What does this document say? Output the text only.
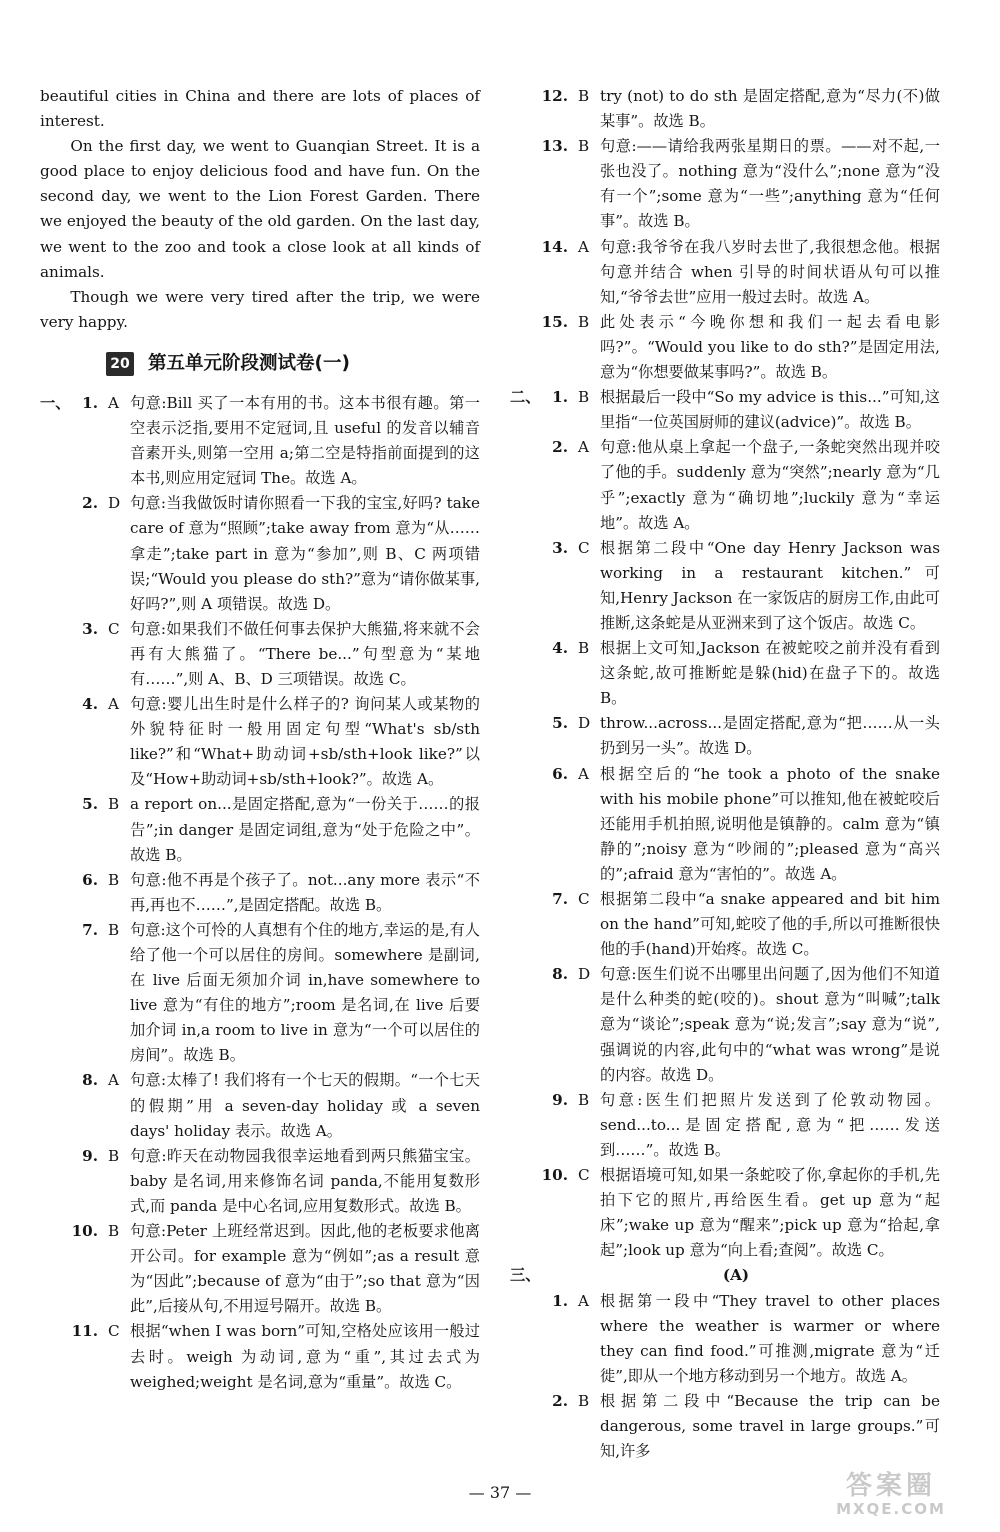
beautiful cities in China and there are lots of places of interest.

On the first day, we went to Guanqian Street. It is a good place to enjoy delicious food and have fun. On the second day, we went to the Lion Forest Garden. There we enjoyed the beauty of the old garden. On the last day, we went to the zoo and took a close look at all kinds of animals.

Though we were very tired after the trip, we were very happy.

20 第五单元阶段测试卷(一)
一、 1. A 句意:Bill 买了一本有用的书。这本书很有趣。第一空表示泛指,要用不定冠词,且 useful 的发音以辅音音素开头,则第一空用 a;第二空是特指前面提到的这本书,则应用定冠词 The。故选 A。
2. D 句意:当我做饭时请你照看一下我的宝宝,好吗? take care of 意为“照顾”;take away from 意为“从……拿走”;take part in 意为“参加”,则 B、C 两项错误;“Would you please do sth?”意为“请你做某事,好吗?”,则 A 项错误。故选 D。
3. C 句意:如果我们不做任何事去保护大熊猫,将来就不会再有大熊猫了。“There be...”句型意为“某地有……”,则 A、B、D 三项错误。故选 C。
4. A 句意:婴儿出生时是什么样子的? 询问某人或某物的外貌特征时一般用固定句型“What's sb/sth like?”和“What+助动词+sb/sth+look like?”以及“How+助动词+sb/sth+look?”。故选 A。
5. B a report on...是固定搭配,意为“一份关于……的报告”;in danger 是固定词组,意为“处于危险之中”。故选 B。
6. B 句意:他不再是个孩子了。not...any more 表示“不再,再也不……”,是固定搭配。故选 B。
7. B 句意:这个可怜的人真想有个住的地方,幸运的是,有人给了他一个可以居住的房间。somewhere 是副词,在 live 后面无须加介词 in,have somewhere to live 意为“有住的地方”;room 是名词,在 live 后要加介词 in,a room to live in 意为“一个可以居住的房间”。故选 B。
8. A 句意:太棒了! 我们将有一个七天的假期。“一个七天的假期”用 a seven-day holiday 或 a seven days' holiday 表示。故选 A。
9. B 句意:昨天在动物园我很幸运地看到两只熊猫宝宝。baby 是名词,用来修饰名词 panda,不能用复数形式,而 panda 是中心名词,应用复数形式。故选 B。
10. B 句意:Peter 上班经常迟到。因此,他的老板要求他离开公司。for example 意为“例如”;as a result 意为“因此”;because of 意为“由于”;so that 意为“因此”,后接从句,不用逗号隔开。故选 B。
11. C 根据“when I was born”可知,空格处应该用一般过去时。weigh 为动词,意为“重”,其过去式为 weighed;weight 是名词,意为“重量”。故选 C。
12. B try (not) to do sth 是固定搭配,意为“尽力(不)做某事”。故选 B。
13. B 句意:——请给我两张星期日的票。——对不起,一张也没了。nothing 意为“没什么”;none 意为“没有一个”;some 意为“一些”;anything 意为“任何事”。故选 B。
14. A 句意:我爷爷在我八岁时去世了,我很想念他。根据句意并结合 when 引导的时间状语从句可以推知,“爷爷去世”应用一般过去时。故选 A。
15. B 此处表示“今晚你想和我们一起去看电影吗?”。“Would you like to do sth?”是固定用法,意为“你想要做某事吗?”。故选 B。
二、 1. B 根据最后一段中“So my advice is this...”可知,这里指“一位英国厨师的建议(advice)”。故选 B。
2. A 句意:他从桌上拿起一个盘子,一条蛇突然出现并咬了他的手。suddenly 意为“突然”;nearly 意为“几乎”;exactly 意为“确切地”;luckily 意为“幸运地”。故选 A。
3. C 根据第二段中“One day Henry Jackson was working in a restaurant kitchen.”可知,Henry Jackson 在一家饭店的厨房工作,由此可推断,这条蛇是从亚洲来到了这个饭店。故选 C。
4. B 根据上文可知,Jackson 在被蛇咬之前并没有看到这条蛇,故可推断蛇是躲(hid)在盘子下的。故选 B。
5. D throw...across...是固定搭配,意为“把……从一头扔到另一头”。故选 D。
6. A 根据空后的“he took a photo of the snake with his mobile phone”可以推知,他在被蛇咬后还能用手机拍照,说明他是镇静的。calm 意为“镇静的”;noisy 意为“吵闹的”;pleased 意为“高兴的”;afraid 意为“害怕的”。故选 A。
7. C 根据第二段中“a snake appeared and bit him on the hand”可知,蛇咬了他的手,所以可推断很快他的手(hand)开始疼。故选 C。
8. D 句意:医生们说不出哪里出问题了,因为他们不知道是什么种类的蛇(咬的)。shout 意为“叫喊”;talk 意为“谈论”;speak 意为“说;发言”;say 意为“说”,强调说的内容,此句中的“what was wrong”是说的内容。故选 D。
9. B 句意:医生们把照片发送到了伦敦动物园。send...to...是固定搭配,意为“把……发送到……”。故选 B。
10. C 根据语境可知,如果一条蛇咬了你,拿起你的手机,先拍下它的照片,再给医生看。get up 意为“起床”;wake up 意为“醒来”;pick up 意为“拾起,拿起”;look up 意为“向上看;查阅”。故选 C。
三、	(A)
1. A 根据第一段中“They travel to other places where the weather is warmer or where they can find food.”可推测,migrate 意为“迁徙”,即从一个地方移动到另一个地方。故选 A。
2. B 根据第二段中“Because the trip can be dangerous, some travel in large groups.”可知,许多
— 37 —	答案圈
MXQE.COM
